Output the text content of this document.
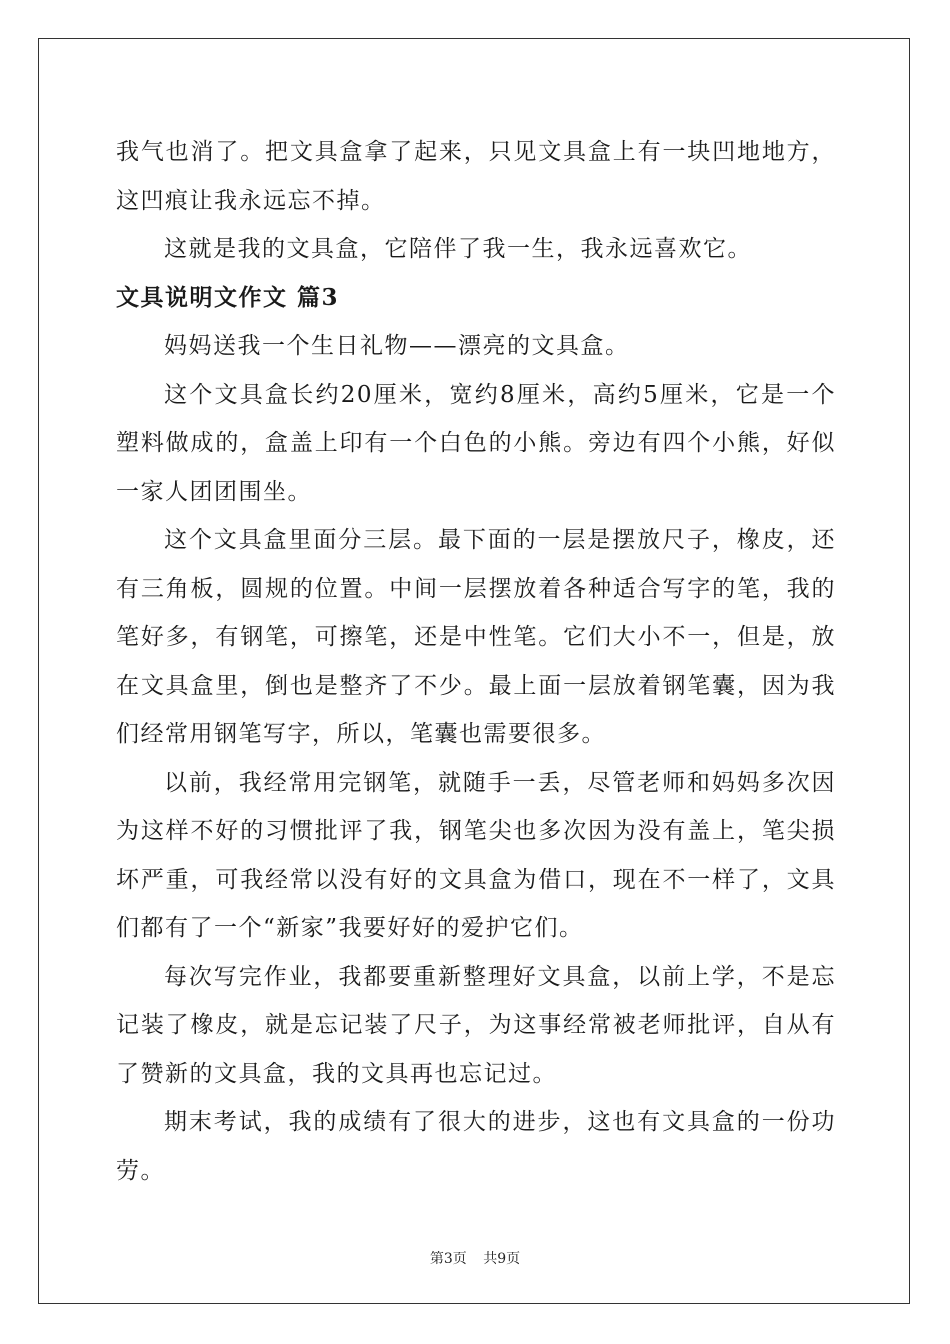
我气也消了。把文具盒拿了起来，只见文具盒上有一块凹地地方，这凹痕让我永远忘不掉。

这就是我的文具盒，它陪伴了我一生，我永远喜欢它。

文具说明文作文 篇3

妈妈送我一个生日礼物——漂亮的文具盒。

这个文具盒长约20厘米，宽约8厘米，高约5厘米，它是一个塑料做成的，盒盖上印有一个白色的小熊。旁边有四个小熊，好似一家人团团围坐。

这个文具盒里面分三层。最下面的一层是摆放尺子，橡皮，还有三角板，圆规的位置。中间一层摆放着各种适合写字的笔，我的笔好多，有钢笔，可擦笔，还是中性笔。它们大小不一，但是，放在文具盒里，倒也是整齐了不少。最上面一层放着钢笔囊，因为我们经常用钢笔写字，所以，笔囊也需要很多。

以前，我经常用完钢笔，就随手一丢，尽管老师和妈妈多次因为这样不好的习惯批评了我，钢笔尖也多次因为没有盖上，笔尖损坏严重，可我经常以没有好的文具盒为借口，现在不一样了，文具们都有了一个“新家”我要好好的爱护它们。

每次写完作业，我都要重新整理好文具盒，以前上学，不是忘记装了橡皮，就是忘记装了尺子，为这事经常被老师批评，自从有了赞新的文具盒，我的文具再也忘记过。

期末考试，我的成绩有了很大的进步，这也有文具盒的一份功劳。

第3页 共9页
